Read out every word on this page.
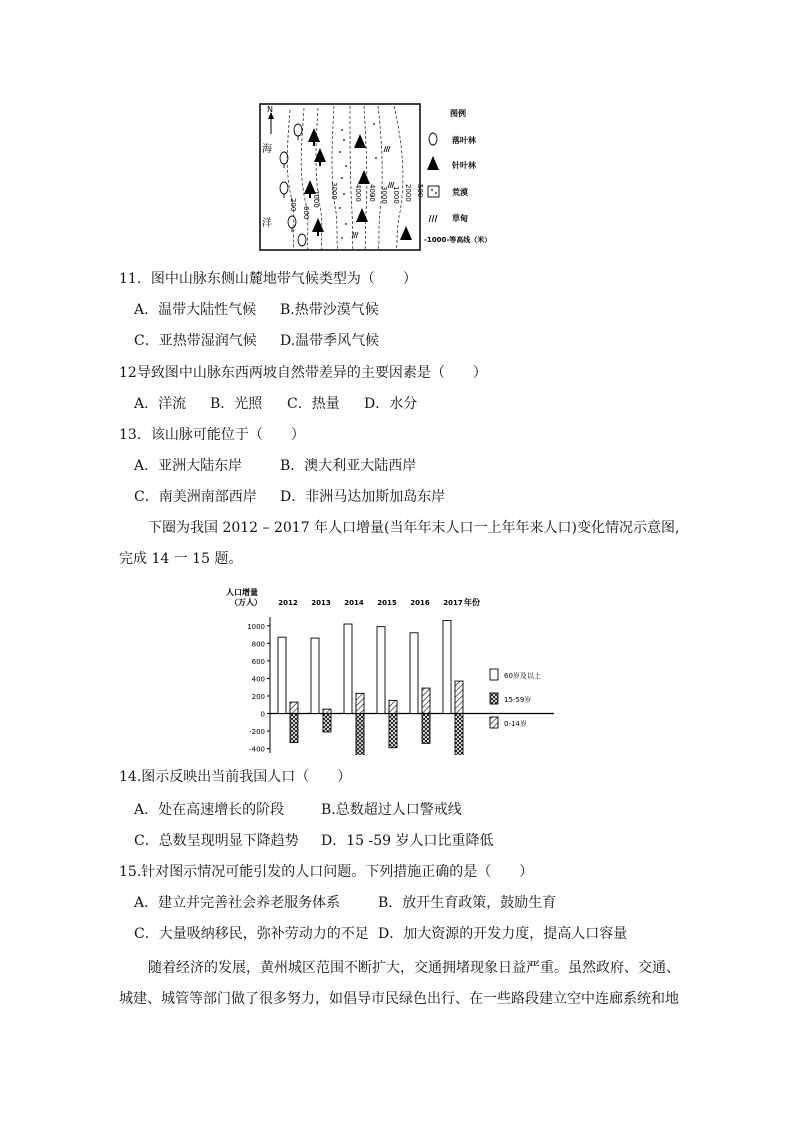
N
海
洋
200
600
1000 3000 4000 4000 3000 1000 2000 500
图例
落叶林
针叶林
荒漠
草甸
-1000-等高线（米）
11．图中山脉东侧山麓地带气候类型为（　　）
A．温带大陆性气候 B.热带沙漠气候
C．亚热带湿润气候 D.温带季风气候
12导致图中山脉东西两坡自然带差异的主要因素是（　　）
A．洋流 B．光照 C．热量 D．水分
13．该山脉可能位于（　　）
A．亚洲大陆东岸	B．澳大利亚大陆西岸
C．南美洲南部西岸 D．非洲马达加斯加岛东岸
下圈为我国 2012 – 2017 年人口增量(当年年末人口一上年年来人口)变化情况示意图,
完成 14 一 15 题。
人口增量
（万人）	年份
1000
800
600
400
200
0
-200
-400
2012 2013 2014 2015 2016 2017
60岁及以上
15-59岁
0-14岁
14.图示反映出当前我国人口（　　）
A．处在高速增长的阶段	B.总数超过人口警戒线
C．总数呈现明显下降趋势 D．15 -59 岁人口比重降低
15.针对图示情况可能引发的人口问题。下列措施正确的是（　　）
A．建立并完善社会养老服务体系	B．放开生育政策，鼓励生育
C．大量吸纳移民，弥补劳动力的不足 D．加大资源的开发力度，提高人口容量
随着经济的发展，黄州城区范围不断扩大，交通拥堵现象日益严重。虽然政府、交通、
城建、城管等部门做了很多努力，如倡导市民绿色出行、在一些路段建立空中连廊系统和地
